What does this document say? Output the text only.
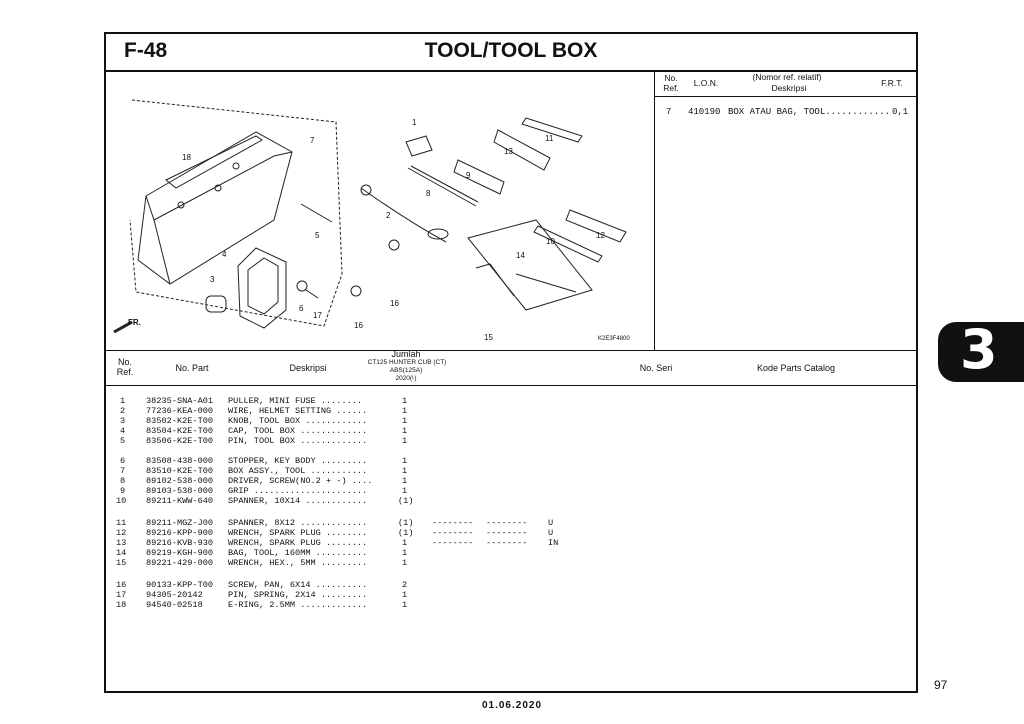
F-48	TOOL/TOOL BOX
1
2
3
4
5
6
7
8
9
10
11
12
13
14
15
16
16
17
18
FR.
K2E3F4800
No. Ref.	L.O.N.
(Nomor ref. relatif)
Deskripsi	F.R.T.
7 410190 BOX ATAU BAG, TOOL............ 0,1
No. Ref.	No. Part	Deskripsi
Jumlah
CT125 HUNTER CUB (CT)
ABS(125A)
2020(ᴸ)
No. Seri	Kode Parts Catalog
1 38235-SNA-A01 PULLER, MINI FUSE ........	1
2 77236-KEA-000 WIRE, HELMET SETTING ......	1
3 83502-K2E-T00 KNOB, TOOL BOX ............	1
4 83504-K2E-T00 CAP, TOOL BOX .............	1
5 83506-K2E-T00 PIN, TOOL BOX .............	1
6 83508-438-000 STOPPER, KEY BODY .........	1
7 83510-K2E-T00 BOX ASSY., TOOL ...........	1
8 89102-538-000 DRIVER, SCREW(NO.2 + -) ....	1
9 89103-538-000 GRIP ......................	1
10 89211-KWW-640 SPANNER, 10X14 ............	(1)
11 89211-MGZ-J00 SPANNER, 8X12 .............	(1) -------- -------- U
12 89216-KPP-900 WRENCH, SPARK PLUG ........	(1) -------- -------- U
13 89216-KVB-930 WRENCH, SPARK PLUG ........	1	-------- -------- IN
14 89219-KGH-900 BAG, TOOL, 160MM ..........	1
15 89221-429-000 WRENCH, HEX., 5MM .........	1
16 90133-KPP-T00 SCREW, PAN, 6X14 ..........	2
17 94305-20142	PIN, SPRING, 2X14 .........	1
18 94540-02518	E-RING, 2.5MM .............	1
3
97
01.06.2020
